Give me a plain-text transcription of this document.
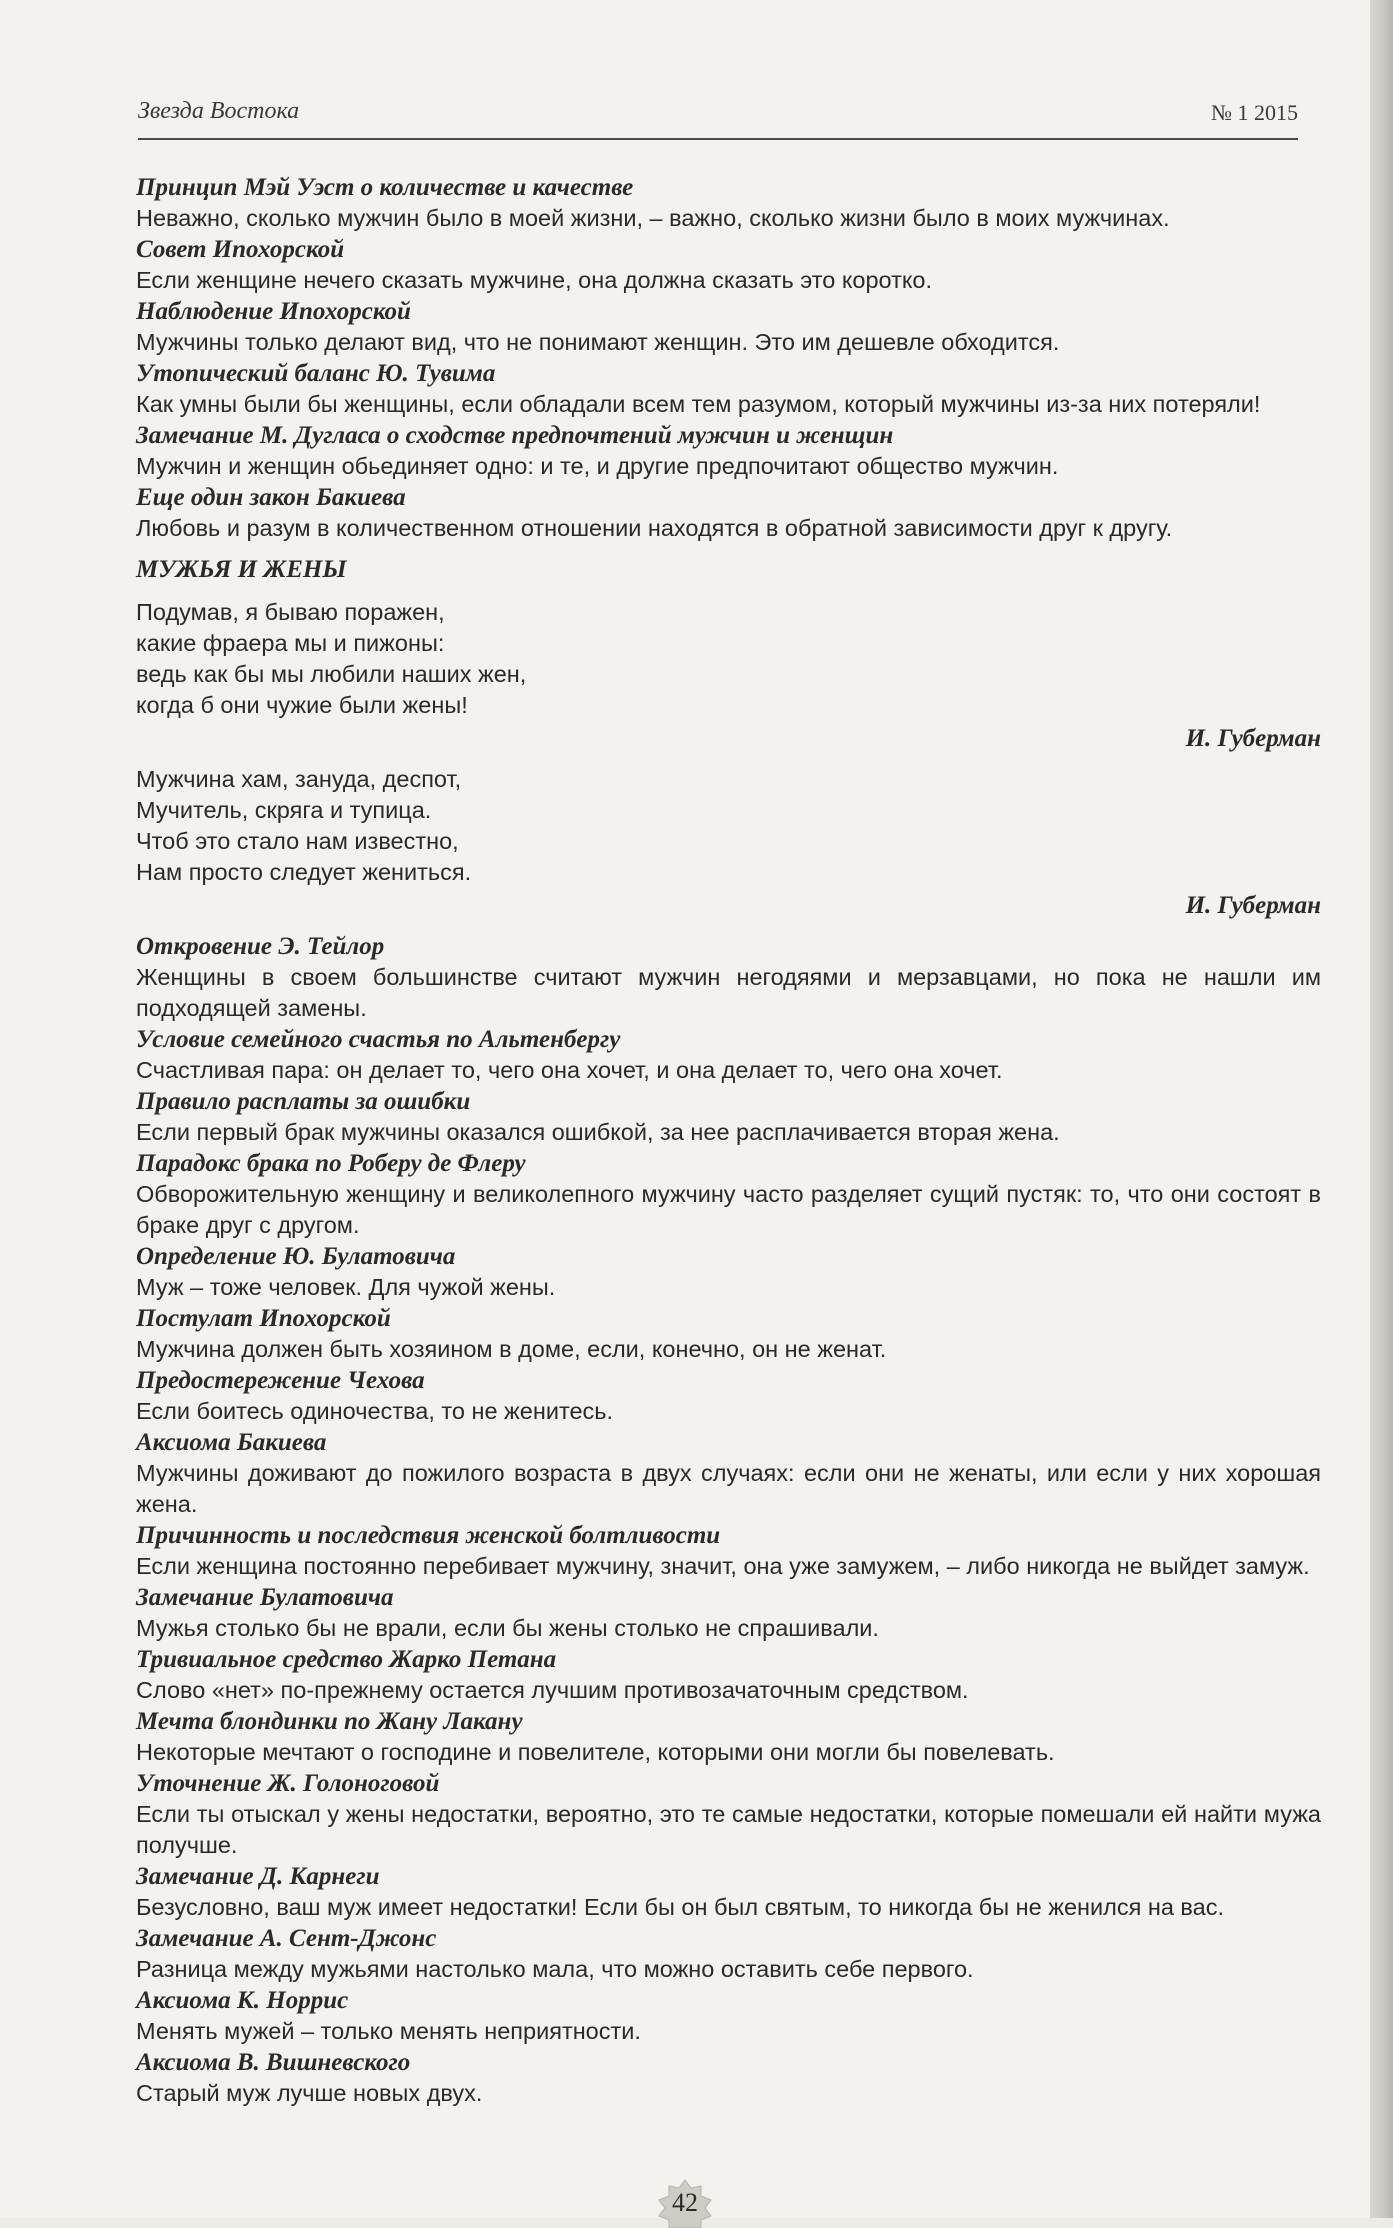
Звезда Востока	№ 1 2015

Принцип Мэй Уэст о количестве и качестве

Неважно, сколько мужчин было в моей жизни, – важно, сколько жизни было в моих мужчинах.

Совет Ипохорской

Если женщине нечего сказать мужчине, она должна сказать это коротко.

Наблюдение Ипохорской

Мужчины только делают вид, что не понимают женщин. Это им дешевле обходится.

Утопический баланс Ю. Тувима

Как умны были бы женщины, если обладали всем тем разумом, который мужчины из-за них потеряли!

Замечание М. Дугласа о сходстве предпочтений мужчин и женщин

Мужчин и женщин обьединяет одно: и те, и другие предпочитают общество мужчин.

Еще один закон Бакиева

Любовь и разум в количественном отношении находятся в обратной зависимости друг к другу.

МУЖЬЯ И ЖЕНЫ
Подумав, я бываю поражен,
какие фраера мы и пижоны:
ведь как бы мы любили наших жен,
когда б они чужие были жены!
И. Губерман
Мужчина хам, зануда, деспот,
Мучитель, скряга и тупица.
Чтоб это стало нам известно,
Нам просто следует жениться.
И. Губерман

Откровение Э. Тейлор

Женщины в своем большинстве считают мужчин негодяями и мерзавцами, но пока не нашли им подходящей замены.

Условие семейного счастья по Альтенбергу

Счастливая пара: он делает то, чего она хочет, и она делает то, чего она хочет.

Правило расплаты за ошибки

Если первый брак мужчины оказался ошибкой, за нее расплачивается вторая жена.

Парадокс брака по Роберу де Флеру

Обворожительную женщину и великолепного мужчину часто разделяет сущий пустяк: то, что они состоят в браке друг с другом.

Определение Ю. Булатовича

Муж – тоже человек. Для чужой жены.

Постулат Ипохорской

Мужчина должен быть хозяином в доме, если, конечно, он не женат.

Предостережение Чехова

Если боитесь одиночества, то не женитесь.

Аксиома Бакиева

Мужчины доживают до пожилого возраста в двух случаях: если они не женаты, или если у них хорошая жена.

Причинность и последствия женской болтливости

Если женщина постоянно перебивает мужчину, значит, она уже замужем, – либо никогда не выйдет замуж.

Замечание Булатовича

Мужья столько бы не врали, если бы жены столько не спрашивали.

Тривиальное средство Жарко Петана

Слово «нет» по-прежнему остается лучшим противозачаточным средством.

Мечта блондинки по Жану Лакану

Некоторые мечтают о господине и повелителе, которыми они могли бы повелевать.

Уточнение Ж. Голоноговой

Если ты отыскал у жены недостатки, вероятно, это те самые недостатки, которые помешали ей найти мужа получше.

Замечание Д. Карнеги

Безусловно, ваш муж имеет недостатки! Если бы он был святым, то никогда бы не женился на вас.

Замечание А. Сент-Джонс

Разница между мужьями настолько мала, что можно оставить себе первого.

Аксиома К. Норрис

Менять мужей – только менять неприятности.

Аксиома В. Вишневского

Старый муж лучше новых двух.

42
